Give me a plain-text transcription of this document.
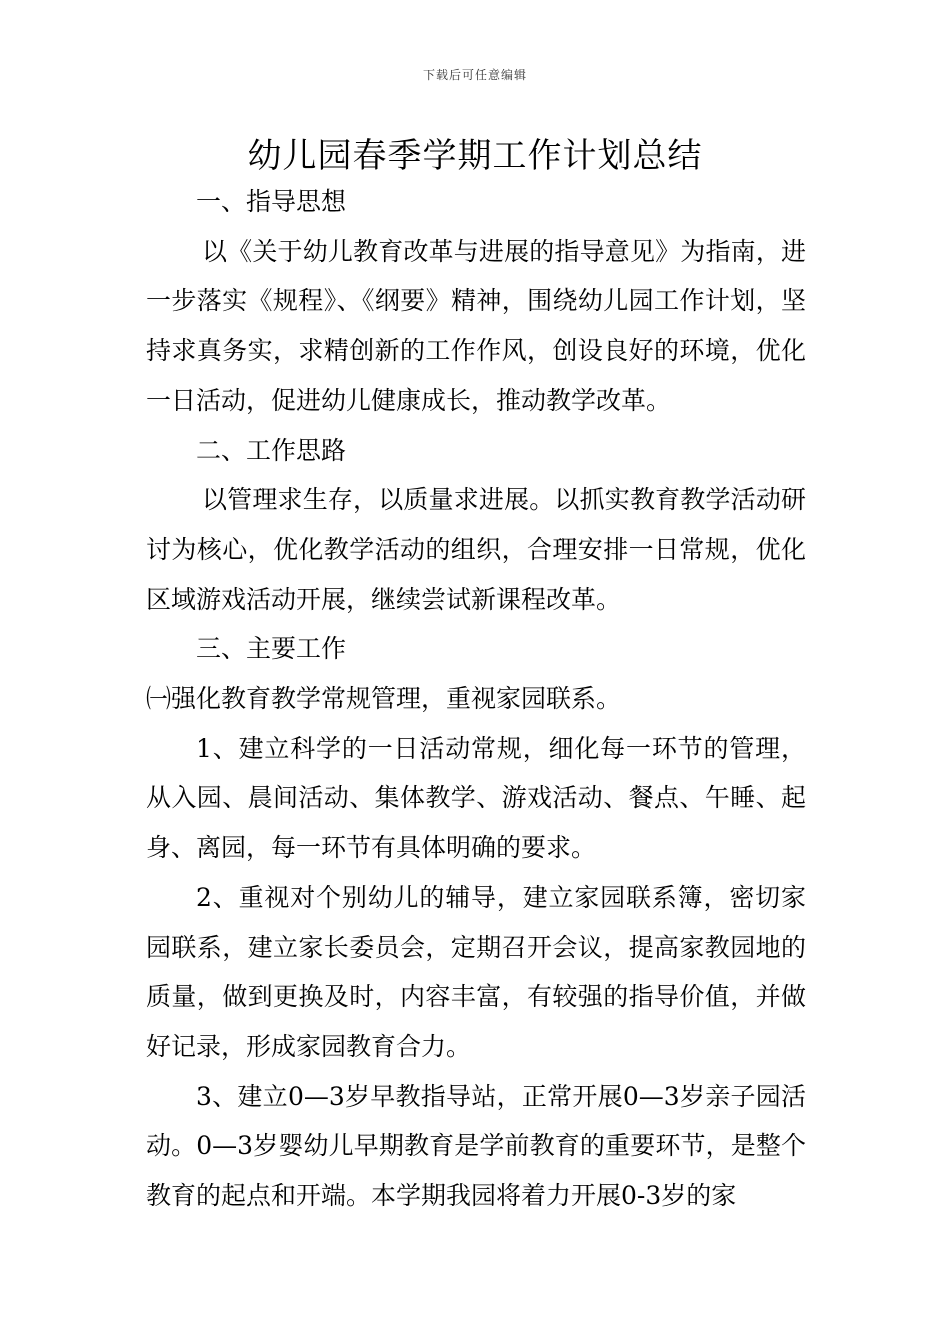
下载后可任意编辑
幼儿园春季学期工作计划总结

一、指导思想

以《关于幼儿教育改革与进展的指导意见》为指南，进一步落实《规程》、《纲要》精神，围绕幼儿园工作计划，坚持求真务实，求精创新的工作作风，创设良好的环境，优化一日活动，促进幼儿健康成长，推动教学改革。

二、工作思路

以管理求生存，以质量求进展。以抓实教育教学活动研讨为核心，优化教学活动的组织，合理安排一日常规，优化区域游戏活动开展，继续尝试新课程改革。

三、主要工作

㈠强化教育教学常规管理，重视家园联系。

1、建立科学的一日活动常规，细化每一环节的管理，从入园、晨间活动、集体教学、游戏活动、餐点、午睡、起身、离园，每一环节有具体明确的要求。

2、重视对个别幼儿的辅导，建立家园联系簿，密切家园联系，建立家长委员会，定期召开会议，提高家教园地的质量，做到更换及时，内容丰富，有较强的指导价值，并做好记录，形成家园教育合力。

3、建立0—3岁早教指导站，正常开展0—3岁亲子园活动。0—3岁婴幼儿早期教育是学前教育的重要环节，是整个教育的起点和开端。本学期我园将着力开展0-3岁的家
